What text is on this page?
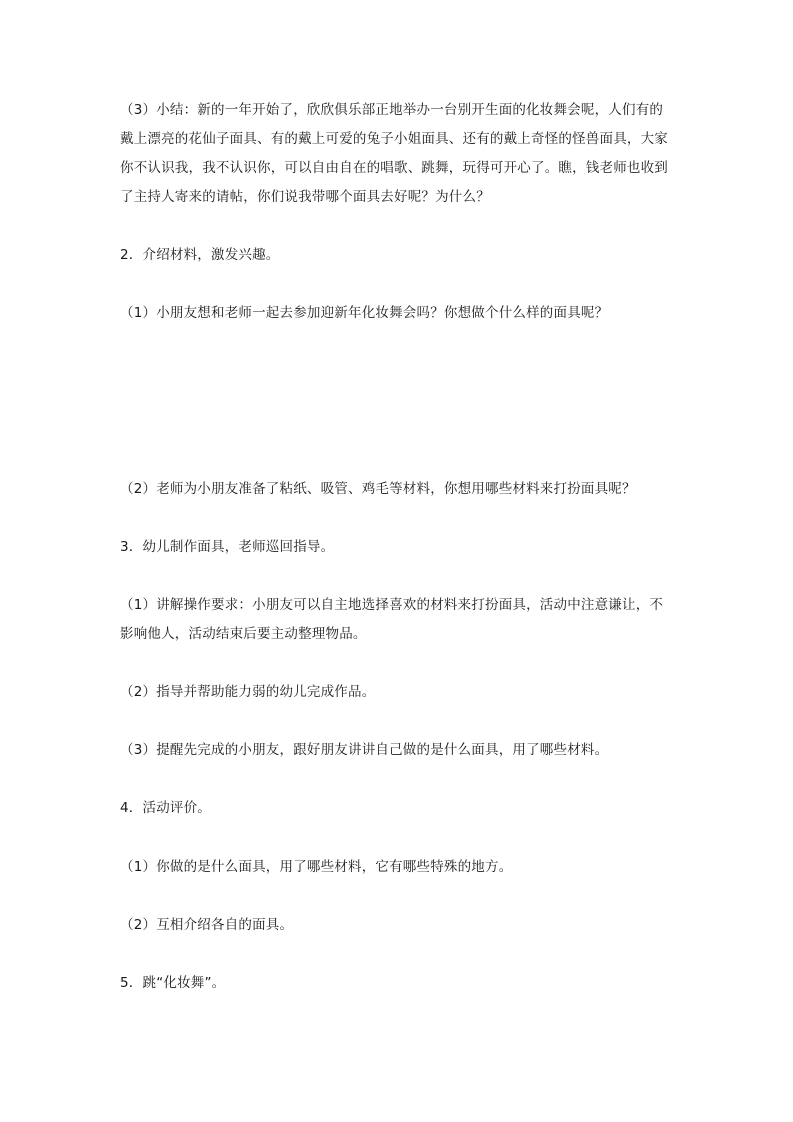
（3）小结：新的一年开始了，欣欣俱乐部正地举办一台别开生面的化妆舞会呢，人们有的
戴上漂亮的花仙子面具、有的戴上可爱的兔子小姐面具、还有的戴上奇怪的怪兽面具，大家
你不认识我，我不认识你，可以自由自在的唱歌、跳舞，玩得可开心了。瞧，钱老师也收到
了主持人寄来的请帖，你们说我带哪个面具去好呢？为什么？

2．介绍材料，激发兴趣。

（1）小朋友想和老师一起去参加迎新年化妆舞会吗？你想做个什么样的面具呢？

（2）老师为小朋友准备了粘纸、吸管、鸡毛等材料，你想用哪些材料来打扮面具呢？

3．幼儿制作面具，老师巡回指导。

（1）讲解操作要求：小朋友可以自主地选择喜欢的材料来打扮面具，活动中注意谦让，不
影响他人，活动结束后要主动整理物品。

（2）指导并帮助能力弱的幼儿完成作品。

（3）提醒先完成的小朋友，跟好朋友讲讲自己做的是什么面具，用了哪些材料。

4．活动评价。

（1）你做的是什么面具，用了哪些材料，它有哪些特殊的地方。

（2）互相介绍各自的面具。

5．跳“化妆舞”。
